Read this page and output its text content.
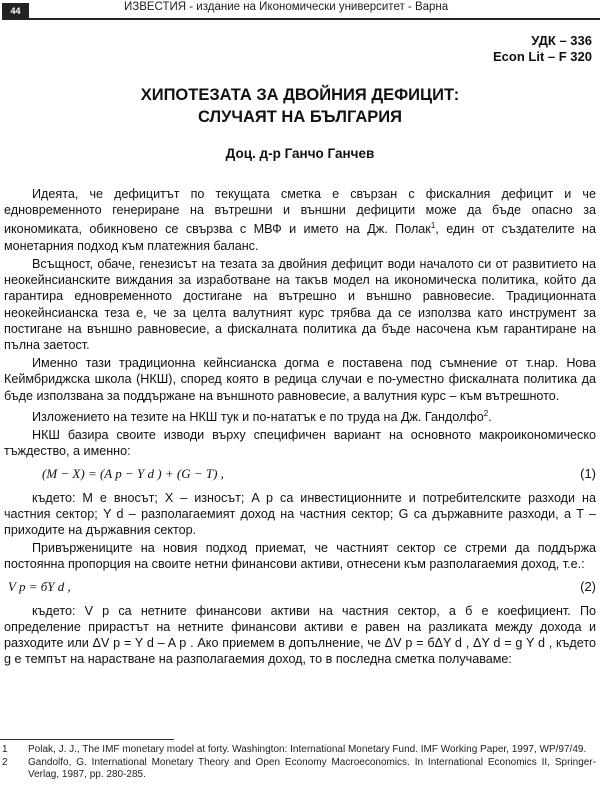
44	ИЗВЕСТИЯ - издание на Икономически университет - Варна
УДК – 336
Econ Lit – F 320
ХИПОТЕЗАТА ЗА ДВОЙНИЯ ДЕФИЦИТ:
СЛУЧАЯТ НА БЪЛГАРИЯ
Доц. д-р Ганчо Ганчев

Идеята, че дефицитът по текущата сметка е свързан с фискалния дефицит и че едновременното генериране на вътрешни и външни дефицити може да бъде опасно за икономиката, обикновено се свързва с МВФ и името на Дж. Полак$^1$, един от създателите на монетарния подход към платежния баланс.

Всъщност, обаче, генезисът на тезата за двойния дефицит води началото си от развитието на неокейнсианските виждания за изработване на такъв модел на икономическа политика, който да гарантира едновременното достигане на вътрешно и външно равновесие. Традиционната неокейнсианска теза е, че за целта валутният курс трябва да се използва като инструмент за постигане на външно равновесие, а фискалната политика да бъде насочена към гарантиране на пълна заетост.

Именно тази традиционна кейнсианска догма е поставена под съмнение от т.нар. Нова Кеймбриджска школа (НКШ), според която в редица случаи е по-уместно фискалната политика да бъде използвана за поддържане на външното равновесие, а валутния курс – към вътрешното.

Изложението на тезите на НКШ тук и по-нататък е по труда на Дж. Гандолфо$^2$.

НКШ базира своите изводи върху специфичен вариант на основното макроикономическо тъждество, а именно:

(M − X) = (A p − Y d ) + (G − T) ,	(1)

където: M е вносът; X – износът; A p са инвестиционните и потребителските разходи на частния сектор; Y d – разполагаемият доход на частния сектор; G са държавните разходи, а T – приходите на държавния сектор.

Привържениците на новия подход приемат, че частният сектор се стреми да поддържа постоянна пропорция на своите нетни финансови активи, отнесени към разполагаемия доход, т.е.:

V p = бY d ,	(2)

където: V p са нетните финансови активи на частния сектор, а б е коефициент. По определение прирастът на нетните финансови активи е равен на разликата между дохода и разходите или ΔV p = Y d – A p . Ако приемем в допълнение, че ΔV p = бΔY d , ΔY d = g Y d , където g е темпът на нарастване на разполагаемия доход, то в последна сметка получаваме:

1	Polak, J. J., The IMF monetary model at forty. Washington: International Monetary Fund. IMF Working Paper, 1997, WP/97/49.
2	Gandolfo, G. International Monetary Theory and Open Economy Macroeconomics. In International Economics II, Springer-Verlag, 1987, pp. 280-285.
